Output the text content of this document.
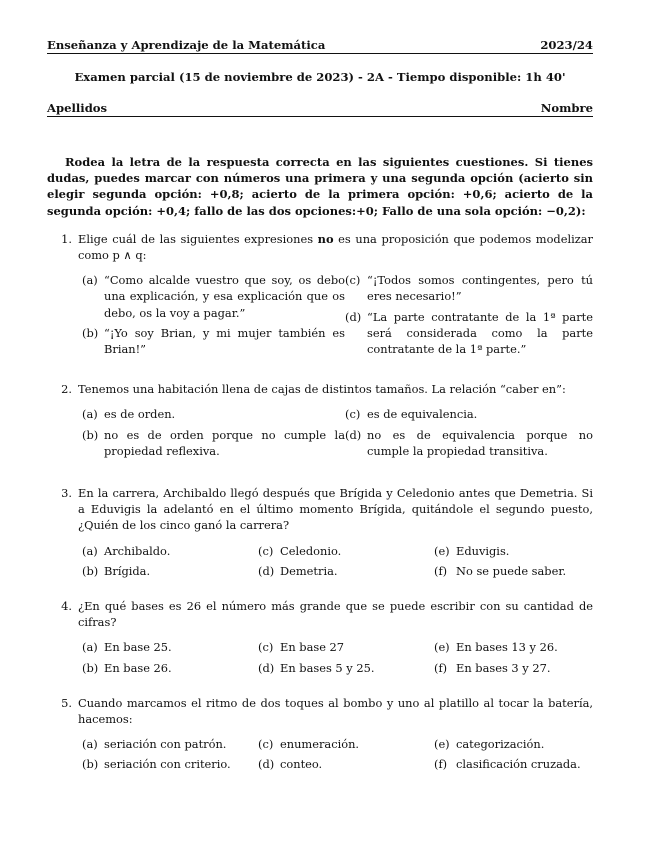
Enseñanza y Aprendizaje de la Matemática	2023/24
Examen parcial (15 de noviembre de 2023) - 2A - Tiempo disponible: 1h 40'
Apellidos	Nombre
Rodea la letra de la respuesta correcta en las siguientes cuestiones. Si tienes dudas, puedes marcar con números una primera y una segunda opción (acierto sin elegir segunda opción: +0,8; acierto de la primera opción: +0,6; acierto de la segunda opción: +0,4; fallo de las dos opciones:+0; Fallo de una sola opción: −0,2):
1. Elige cuál de las siguientes expresiones no es una proposición que podemos modelizar como p ∧ q:
(a) “Como alcalde vuestro que soy, os debo una explicación, y esa explicación que os debo, os la voy a pagar.”
(b) “¡Yo soy Brian, y mi mujer también es Brian!”
(c) “¡Todos somos contingentes, pero tú eres necesario!”
(d) “La parte contratante de la 1ª parte será considerada como la parte contratante de la 1ª parte.”
2. Tenemos una habitación llena de cajas de distintos tamaños. La relación “caber en”:
(a) es de orden.
(b) no es de orden porque no cumple la propiedad reflexiva.
(c) es de equivalencia.
(d) no es de equivalencia porque no cumple la propiedad transitiva.
3. En la carrera, Archibaldo llegó después que Brígida y Celedonio antes que Demetria. Si a Eduvigis la adelantó en el último momento Brígida, quitándole el segundo puesto, ¿Quién de los cinco ganó la carrera?
(a) Archibaldo.	(c) Celedonio.	(e) Eduvigis.
(b) Brígida.	(d) Demetria.	(f) No se puede saber.
4. ¿En qué bases es 26 el número más grande que se puede escribir con su cantidad de cifras?
(a) En base 25.	(c) En base 27	(e) En bases 13 y 26.
(b) En base 26.	(d) En bases 5 y 25.	(f) En bases 3 y 27.
5. Cuando marcamos el ritmo de dos toques al bombo y uno al platillo al tocar la batería, hacemos:
(a) seriación con patrón.	(c) enumeración.	(e) categorización.
(b) seriación con criterio.	(d) conteo.	(f) clasificación cruzada.
